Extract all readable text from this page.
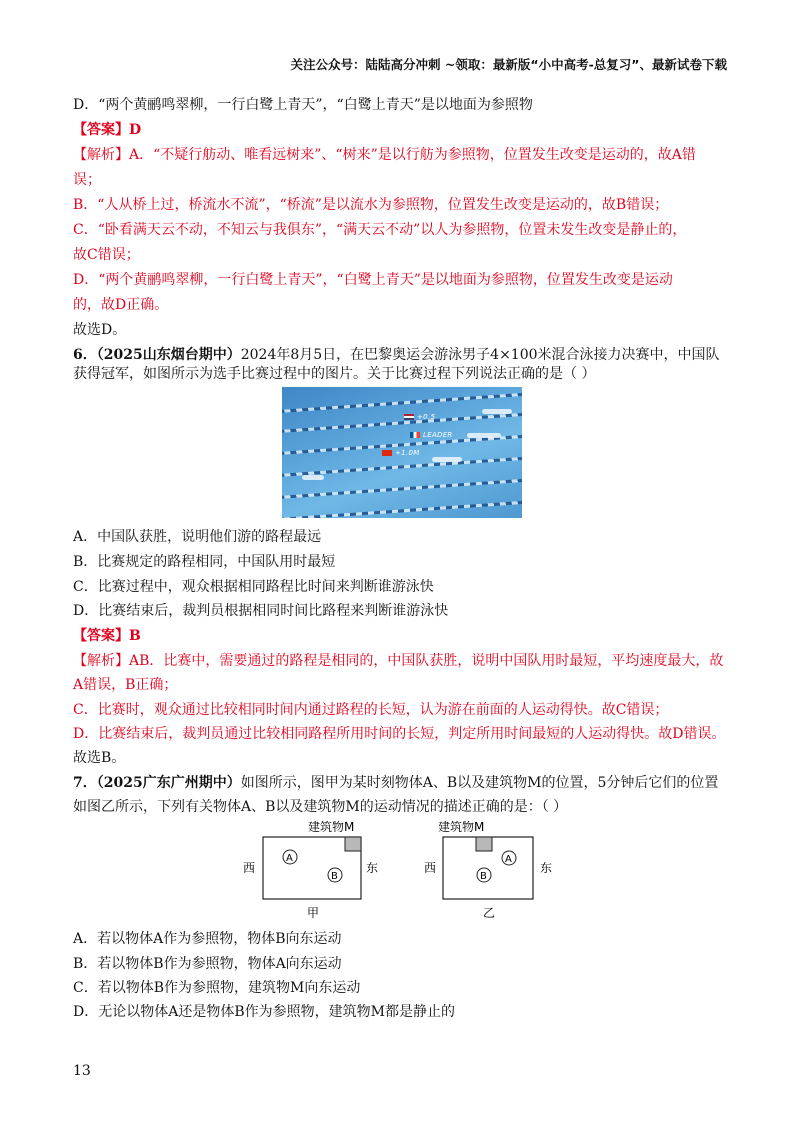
关注公众号：陆陆高分冲刺 ~领取：最新版“小中高考-总复习”、最新试卷下载
D．“两个黄鹂鸣翠柳，一行白鹭上青天”，“白鹭上青天”是以地面为参照物
【答案】D
【解析】A．“不疑行舫动、唯看远树来”、“树来”是以行舫为参照物，位置发生改变是运动的，故A错
误；
B．“人从桥上过，桥流水不流”，“桥流”是以流水为参照物，位置发生改变是运动的，故B错误；
C．“卧看满天云不动，不知云与我俱东”，“满天云不动”以人为参照物，位置未发生改变是静止的，
故C错误；
D．“两个黄鹂鸣翠柳，一行白鹭上青天”，“白鹭上青天”是以地面为参照物，位置发生改变是运动
的，故D正确。
故选D。
6．（2025山东烟台期中）2024年8月5日，在巴黎奥运会游泳男子4×100米混合泳接力决赛中，中国队
获得冠军，如图所示为选手比赛过程中的图片。关于比赛过程下列说法正确的是（ ）
+0.5
LEADER
+1.0M
A．中国队获胜，说明他们游的路程最远
B．比赛规定的路程相同，中国队用时最短
C．比赛过程中，观众根据相同路程比时间来判断谁游泳快
D．比赛结束后，裁判员根据相同时间比路程来判断谁游泳快
【答案】B
【解析】AB．比赛中，需要通过的路程是相同的，中国队获胜，说明中国队用时最短，平均速度最大，故
A错误，B正确；
C．比赛时，观众通过比较相同时间内通过路程的长短，认为游在前面的人运动得快。故C错误；
D．比赛结束后，裁判员通过比较相同路程所用时间的长短，判定所用时间最短的人运动得快。故D错误。
故选B。
7．（2025广东广州期中）如图所示，图甲为某时刻物体A、B以及建筑物M的位置，5分钟后它们的位置
如图乙所示，下列有关物体A、B以及建筑物M的运动情况的描述正确的是：（ ）
建筑物M
西	东
A
B
甲
建筑物M
西	东
A
B
乙
A．若以物体A作为参照物，物体B向东运动
B．若以物体B作为参照物，物体A向东运动
C．若以物体B作为参照物，建筑物M向东运动
D．无论以物体A还是物体B作为参照物，建筑物M都是静止的
13
